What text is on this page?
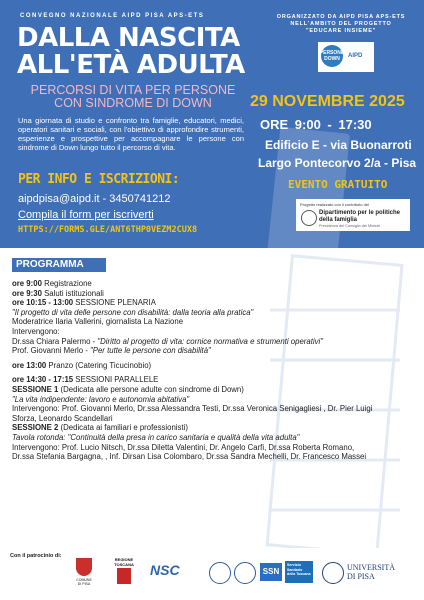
CONVEGNO NAZIONALE AIPD PISA APS-ETS
DALLA NASCITA
ALL'ETÀ ADULTA
PERCORSI DI VITA PER PERSONE CON SINDROME DI DOWN
Una giornata di studio e confronto tra famiglie, educatori, medici, operatori sanitari e sociali, con l'obiettivo di approfondire strumenti, esperienze e prospettive per accompagnare le persone con sindrome di Down lungo tutto il percorso di vita.
ORGANIZZATO DA AIPD PISA APS-ETS
NELL'AMBITO DEL PROGETTO
"EDUCARE INSIEME"
PERSONE DOWN	AIPD
29 NOVEMBRE 2025
ORE 9:00 - 17:30
Edificio E - via Buonarroti
Largo Pontecorvo 2/a - Pisa
EVENTO GRATUITO
PER INFO E ISCRIZIONI:
aipdpisa@aipd.it - 3450741212
Compila il form per iscriverti
HTTPS://FORMS.GLE/ANT6THP0VEZM2CUX8
Progetto realizzato con il contributo del
Dipartimento per le politiche della famiglia
Presidenza del Consiglio dei Ministri
PROGRAMMA
ore 9:00 Registrazione
ore 9:30 Saluti istituzionali
ore 10:15 - 13:00 SESSIONE PLENARIA
"Il progetto di vita delle persone con disabilità: dalla teoria alla pratica"
Moderatrice Ilaria Vallerini, giornalista La Nazione
Intervengono:
Dr.ssa Chiara Palermo - "Diritto al progetto di vita: cornice normativa e strumenti operativi"
Prof. Giovanni Merlo - "Per tutte le persone con disabilità"
ore 13:00 Pranzo (Catering Ticucinobio)
ore 14:30 - 17:15 SESSIONI PARALLELE
SESSIONE 1 (Dedicata alle persone adulte con sindrome di Down)
"La vita indipendente: lavoro e autonomia abitativa"
Intervengono: Prof. Giovanni Merlo, Dr.ssa Alessandra Testi, Dr.ssa Veronica Senigagliesi , Dr. Pier Luigi
Sforza, Leonardo Scandellari
SESSIONE 2 (Dedicata ai familiari e professionisti)
Tavola rotonda: "Continuità della presa in carico sanitaria e qualità della vita adulta"
Intervengono: Prof. Lucio Nitsch, Dr.ssa Diletta Valentini, Dr. Angelo Carfi, Dr.ssa Roberta Romano,
Dr.ssa Stefania Bargagna, , Inf. Dirsan Lisa Colombaro, Dr.ssa Sandra Mechelli, Dr. Francesco Massei
Con il patrocinio di:
COMUNE DI PISA
REGIONE
TOSCANA NSC	SSN
Servizio Sanitario della Toscana
UNIVERSITÀ
DI PISA
